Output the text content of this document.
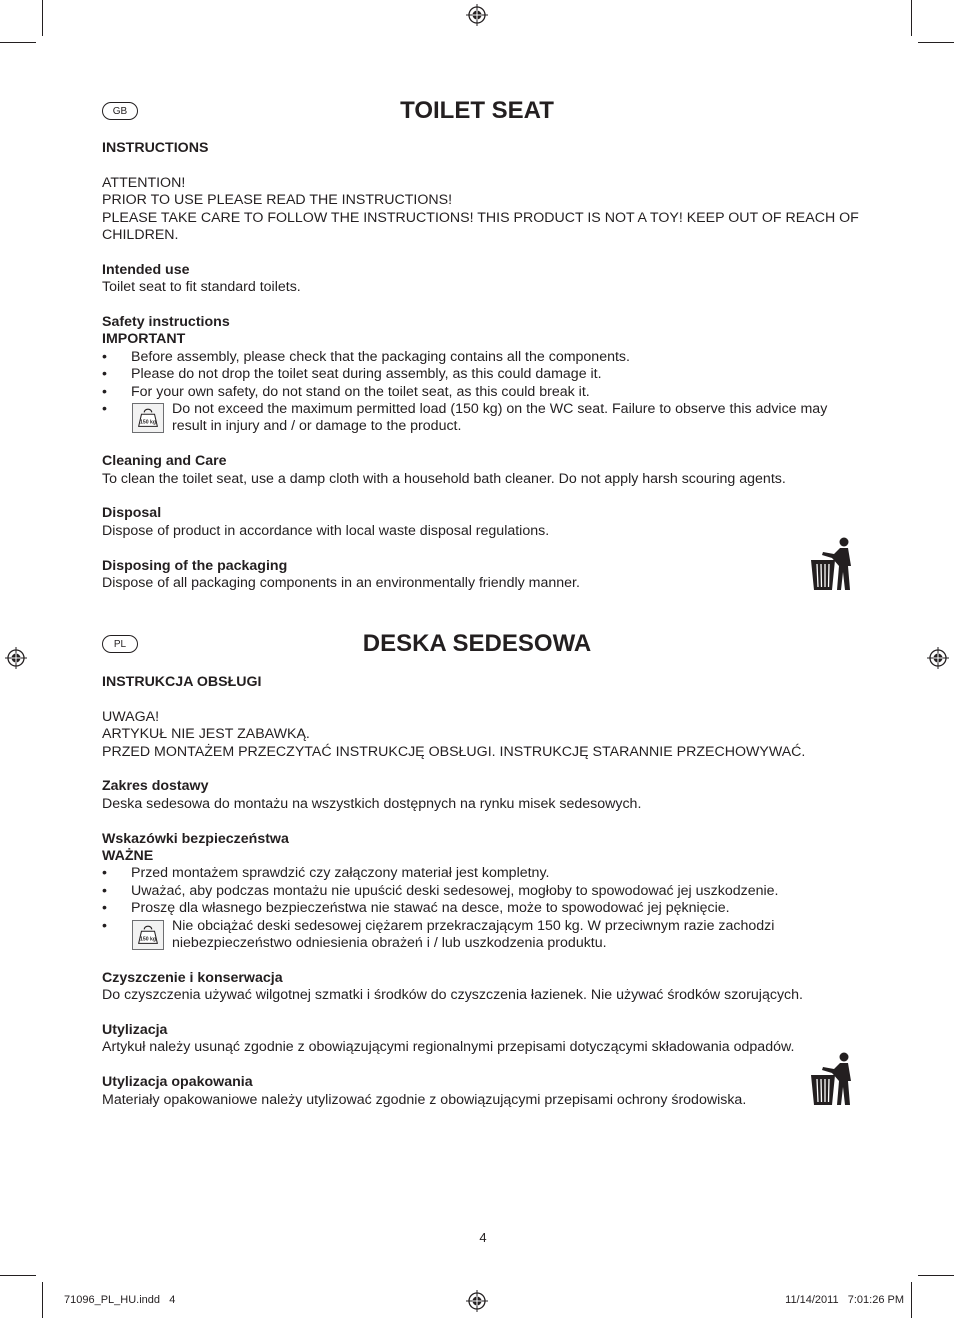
GB	TOILET SEAT

INSTRUCTIONS

ATTENTION!

PRIOR TO USE PLEASE READ THE INSTRUCTIONS!

PLEASE TAKE CARE TO FOLLOW THE INSTRUCTIONS! THIS PRODUCT IS NOT A TOY! KEEP OUT OF REACH OF CHILDREN.

Intended use

Toilet seat to fit standard toilets.

Safety instructions

IMPORTANT

• Before assembly, please check that the packaging contains all the components.
• Please do not drop the toilet seat during assembly, as this could damage it.
• For your own safety, do not stand on the toilet seat, as this could break it.
•
150 kg
Do not exceed the maximum permitted load (150 kg) on the WC seat. Failure to observe this advice may result in injury and / or damage to the product.

Cleaning and Care

To clean the toilet seat, use a damp cloth with a household bath cleaner. Do not apply harsh scouring agents.

Disposal

Dispose of product in accordance with local waste disposal regulations.

Disposing of the packaging

Dispose of all packaging components in an environmentally friendly manner.

PL	DESKA SEDESOWA

INSTRUKCJA OBSŁUGI

UWAGA!

ARTYKUŁ NIE JEST ZABAWKĄ.

PRZED MONTAŻEM PRZECZYTAĆ INSTRUKCJĘ OBSŁUGI. INSTRUKCJĘ STARANNIE PRZECHOWYWAĆ.

Zakres dostawy

Deska sedesowa do montażu na wszystkich dostępnych na rynku misek sedesowych.

Wskazówki bezpieczeństwa

WAŻNE

• Przed montażem sprawdzić czy załączony materiał jest kompletny.
• Uważać, aby podczas montażu nie upuścić deski sedesowej, mogłoby to spowodować jej uszkodzenie.
• Proszę dla własnego bezpieczeństwa nie stawać na desce, może to spowodować jej pęknięcie.
•
150 kg
Nie obciążać deski sedesowej ciężarem przekraczającym 150 kg. W przeciwnym razie zachodzi niebezpieczeństwo odniesienia obrażeń i / lub uszkodzenia produktu.

Czyszczenie i konserwacja

Do czyszczenia używać wilgotnej szmatki i środków do czyszczenia łazienek. Nie używać środków szorujących.

Utylizacja

Artykuł należy usunąć zgodnie z obowiązującymi regionalnymi przepisami dotyczącymi składowania odpadów.

Utylizacja opakowania

Materiały opakowaniowe należy utylizować zgodnie z obowiązującymi przepisami ochrony środowiska.

4
71096_PL_HU.indd   4	11/14/2011   7:01:26 PM
